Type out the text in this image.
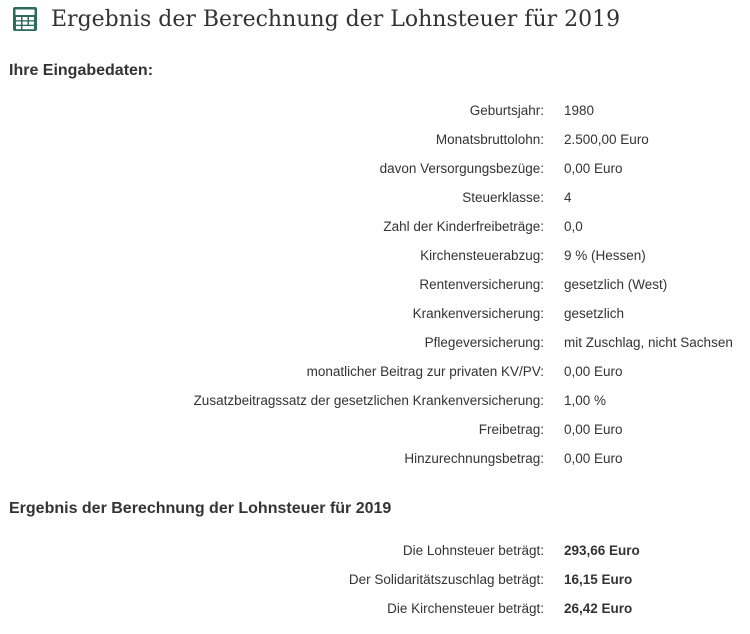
Ergebnis der Berechnung der Lohnsteuer für 2019
Ihre Eingabedaten:
Geburtsjahr: 1980
Monatsbruttolohn: 2.500,00 Euro
davon Versorgungsbezüge: 0,00 Euro
Steuerklasse: 4
Zahl der Kinderfreibeträge: 0,0
Kirchensteuerabzug: 9 % (Hessen)
Rentenversicherung: gesetzlich (West)
Krankenversicherung: gesetzlich
Pflegeversicherung: mit Zuschlag, nicht Sachsen
monatlicher Beitrag zur privaten KV/PV: 0,00 Euro
Zusatzbeitragssatz der gesetzlichen Krankenversicherung: 1,00 %
Freibetrag: 0,00 Euro
Hinzurechnungsbetrag: 0,00 Euro
Ergebnis der Berechnung der Lohnsteuer für 2019
Die Lohnsteuer beträgt: 293,66 Euro
Der Solidaritätszuschlag beträgt: 16,15 Euro
Die Kirchensteuer beträgt: 26,42 Euro
